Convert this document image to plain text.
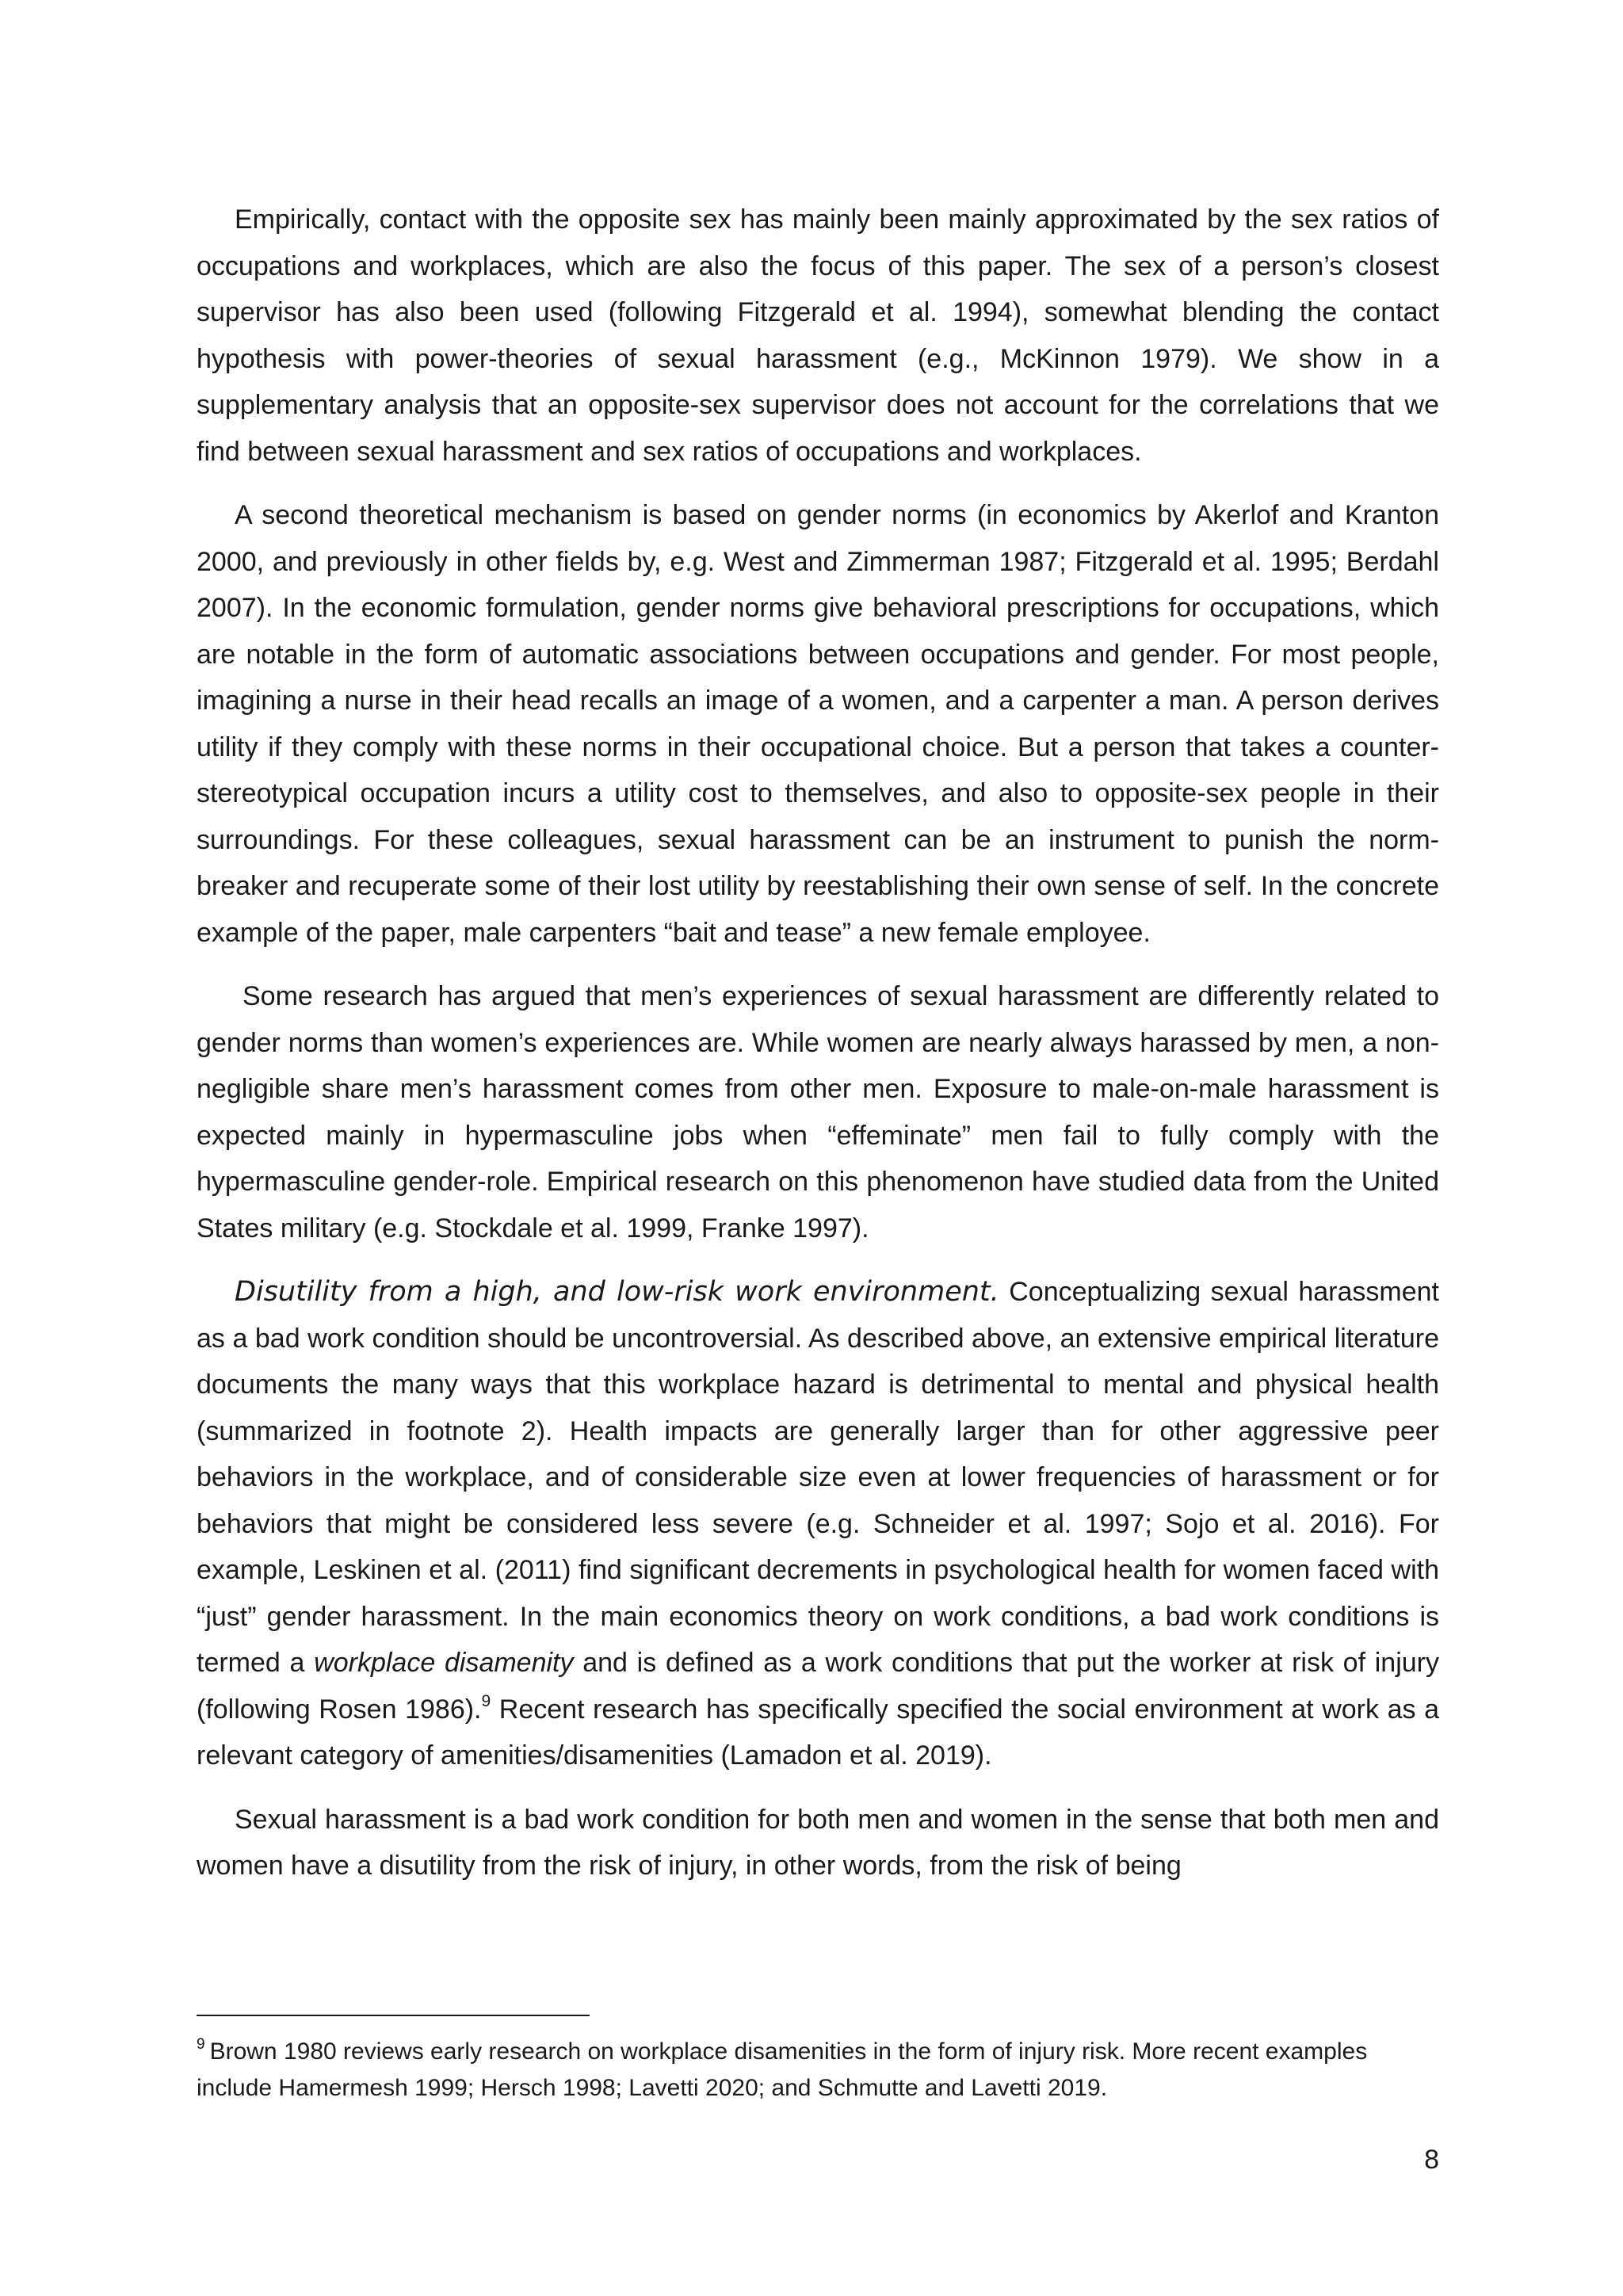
Empirically, contact with the opposite sex has mainly been mainly approximated by the sex ratios of occupations and workplaces, which are also the focus of this paper. The sex of a person’s closest supervisor has also been used (following Fitzgerald et al. 1994), somewhat blending the contact hypothesis with power-theories of sexual harassment (e.g., McKinnon 1979). We show in a supplementary analysis that an opposite-sex supervisor does not account for the correlations that we find between sexual harassment and sex ratios of occupations and workplaces.

A second theoretical mechanism is based on gender norms (in economics by Akerlof and Kranton 2000, and previously in other fields by, e.g. West and Zimmerman 1987; Fitzgerald et al. 1995; Berdahl 2007). In the economic formulation, gender norms give behavioral prescriptions for occupations, which are notable in the form of automatic associations between occupations and gender. For most people, imagining a nurse in their head recalls an image of a women, and a carpenter a man. A person derives utility if they comply with these norms in their occupational choice. But a person that takes a counter-stereotypical occupation incurs a utility cost to themselves, and also to opposite-sex people in their surroundings. For these colleagues, sexual harassment can be an instrument to punish the norm-breaker and recuperate some of their lost utility by reestablishing their own sense of self. In the concrete example of the paper, male carpenters “bait and tease” a new female employee.

Some research has argued that men’s experiences of sexual harassment are differently related to gender norms than women’s experiences are. While women are nearly always harassed by men, a non-negligible share men’s harassment comes from other men. Exposure to male-on-male harassment is expected mainly in hypermasculine jobs when “effeminate” men fail to fully comply with the hypermasculine gender-role. Empirical research on this phenomenon have studied data from the United States military (e.g. Stockdale et al. 1999, Franke 1997).

Disutility from a high, and low-risk work environment. Conceptualizing sexual harassment as a bad work condition should be uncontroversial. As described above, an extensive empirical literature documents the many ways that this workplace hazard is detrimental to mental and physical health (summarized in footnote 2). Health impacts are generally larger than for other aggressive peer behaviors in the workplace, and of considerable size even at lower frequencies of harassment or for behaviors that might be considered less severe (e.g. Schneider et al. 1997; Sojo et al. 2016). For example, Leskinen et al. (2011) find significant decrements in psychological health for women faced with “just” gender harassment. In the main economics theory on work conditions, a bad work conditions is termed a workplace disamenity and is defined as a work conditions that put the worker at risk of injury (following Rosen 1986).$^9$ Recent research has specifically specified the social environment at work as a relevant category of amenities/disamenities (Lamadon et al. 2019).

Sexual harassment is a bad work condition for both men and women in the sense that both men and women have a disutility from the risk of injury, in other words, from the risk of being

$^9$ Brown 1980 reviews early research on workplace disamenities in the form of injury risk. More recent examples include Hamermesh 1999; Hersch 1998; Lavetti 2020; and Schmutte and Lavetti 2019.
8
